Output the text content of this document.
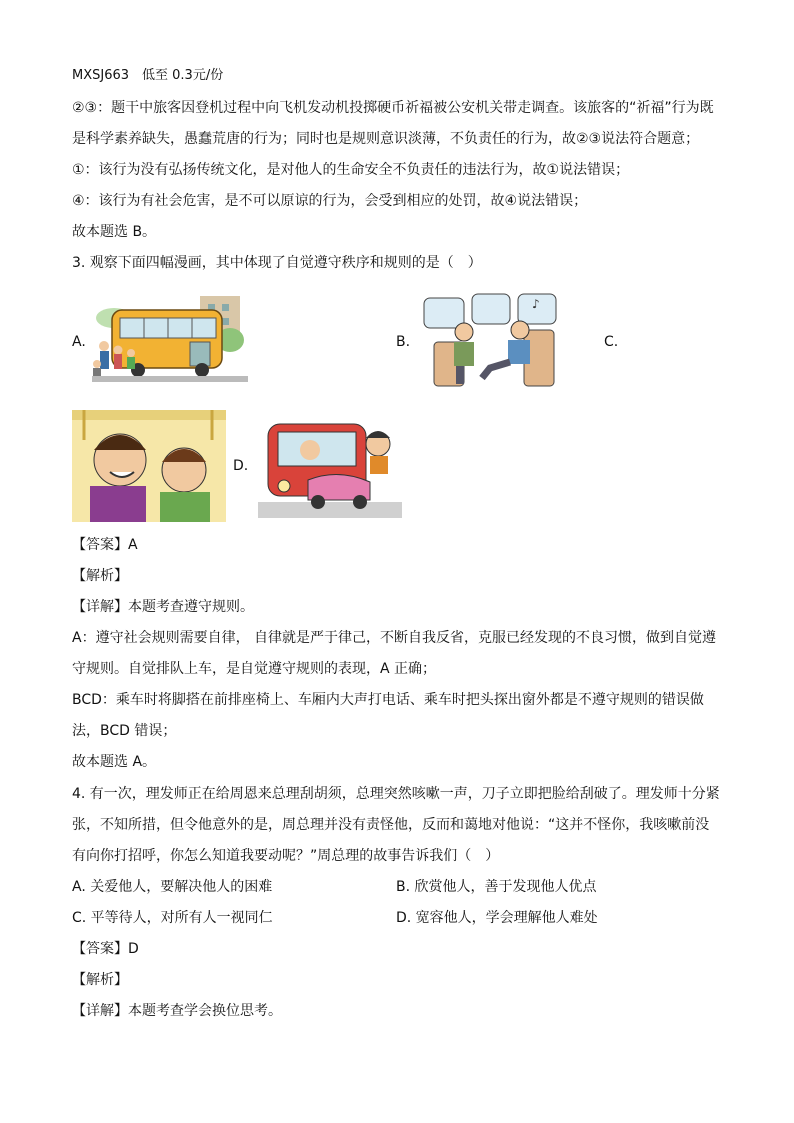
MXSJ663　低至 0.3元/份
②③：题干中旅客因登机过程中向飞机发动机投掷硬币祈福被公安机关带走调查。该旅客的“祈福”行为既
是科学素养缺失，愚蠢荒唐的行为；同时也是规则意识淡薄，不负责任的行为，故②③说法符合题意；
①：该行为没有弘扬传统文化，是对他人的生命安全不负责任的违法行为，故①说法错误；
④：该行为有社会危害，是不可以原谅的行为，会受到相应的处罚，故④说法错误；
故本题选 B。
3. 观察下面四幅漫画，其中体现了自觉遵守秩序和规则的是（　）
A.	B.	C.
D.
♪
【答案】A
【解析】
【详解】本题考查遵守规则。
A：遵守社会规则需要自律， 自律就是严于律己，不断自我反省，克服已经发现的不良习惯，做到自觉遵
守规则。自觉排队上车，是自觉遵守规则的表现，A 正确；
BCD：乘车时将脚搭在前排座椅上、车厢内大声打电话、乘车时把头探出窗外都是不遵守规则的错误做
法，BCD 错误；
故本题选 A。
4. 有一次，理发师正在给周恩来总理刮胡须，总理突然咳嗽一声，刀子立即把脸给刮破了。理发师十分紧
张，不知所措，但令他意外的是，周总理并没有责怪他，反而和蔼地对他说：“这并不怪你，我咳嗽前没
有向你打招呼，你怎么知道我要动呢？”周总理的故事告诉我们（　）
A. 关爱他人，要解决他人的困难	B. 欣赏他人，善于发现他人优点
C. 平等待人，对所有人一视同仁	D. 宽容他人，学会理解他人难处
【答案】D
【解析】
【详解】本题考查学会换位思考。
